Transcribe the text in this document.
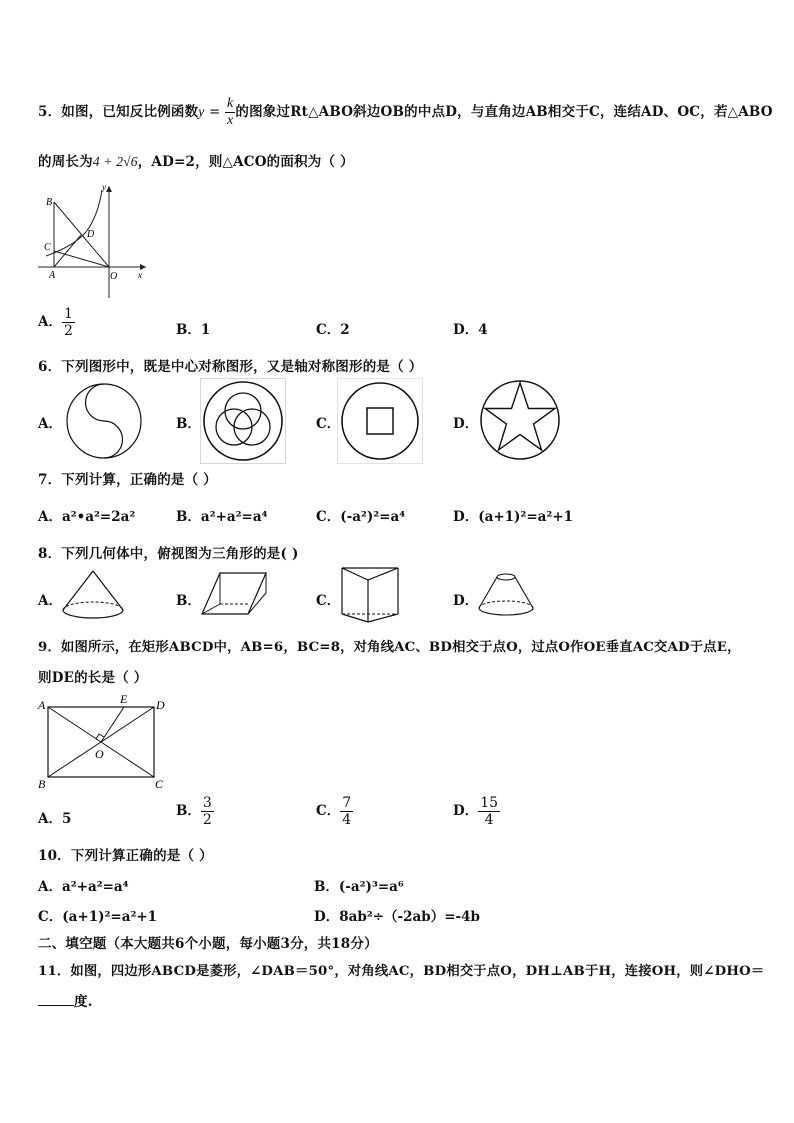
5．如图，已知反比例函数$y = \frac{k}{x}$ 的图象过Rt△ABO斜边OB的中点D，与直角边AB相交于C，连结AD、OC，若△ABO
的周长为4 + 2√6，AD=2，则△ACO的面积为（ ）
B
C
D
A	O x
y
A． $\frac{1}{2}$	B．1	C．2	D．4
6．下列图形中，既是中心对称图形，又是轴对称图形的是（ ）
A．	B．	C．	D．
7．下列计算，正确的是（ ）
A．a²•a²=2a²	B．a²+a²=a⁴	C．(-a²)²=a⁴	D．(a+1)²=a²+1
8．下列几何体中，俯视图为三角形的是( )
A．	B．	C．	D．
9．如图所示，在矩形ABCD中，AB=6，BC=8，对角线AC、BD相交于点O，过点O作OE垂直AC交AD于点E，
则DE的长是（ ）
A	E D
O
B	C
A．5	B． $\frac{3}{2}$	C． $\frac{7}{4}$	D． $\frac{15}{4}$
10．下列计算正确的是（ ）
A．a²+a²=a⁴	B．(-a²)³=a⁶
C．(a+1)²=a²+1	D．8ab²÷（-2ab）=-4b
二、填空题（本大题共6个小题，每小题3分，共18分）
11．如图，四边形ABCD是菱形，∠DAB＝50°，对角线AC，BD相交于点O，DH⊥AB于H，连接OH，则∠DHO＝
度.
